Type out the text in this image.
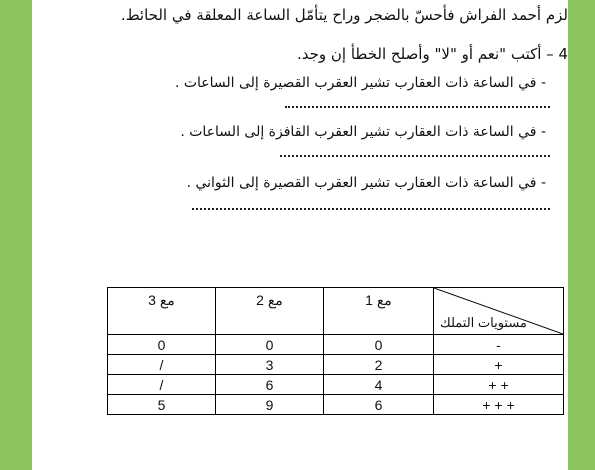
لزم أحمد الفراش فأحسّ بالضجر وراح يتأمّل الساعة المعلقة في الحائط.
4 – أكتب "نعم أو "لا" وأصلح الخطأ إن وجد.
- في الساعة ذات العقارب تشير العقرب القصيرة إلى الساعات .
- في الساعة ذات العقارب تشير العقرب القافزة إلى الساعات .
- في الساعة ذات العقارب تشير العقرب القصيرة إلى الثواني .
مستويات التملك	مع 1	مع 2	مع 3
-	0	0	0
+	2	3	/
+ +	4	6	/
+ + +	6	9	5
